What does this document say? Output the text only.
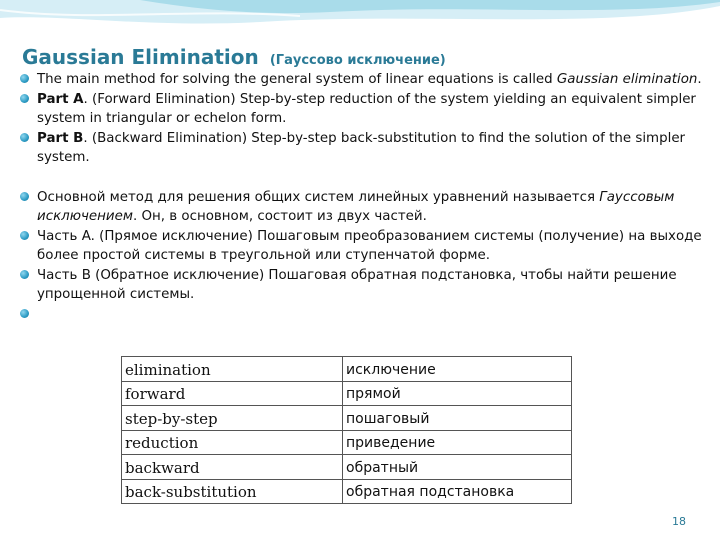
Gaussian Elimination (Гауссово исключение)
The main method for solving the general system of linear equations is called Gaussian elimination.
Part A. (Forward Elimination) Step-by-step reduction of the system yielding an equivalent simpler system in triangular or echelon form.
Part B. (Backward Elimination) Step-by-step back-substitution to find the solution of the simpler system.
Основной метод для решения общих систем линейных уравнений называется Гауссовым исключением. Он, в основном, состоит из двух частей.
Часть A. (Прямое исключение) Пошаговым преобразованием системы (получение) на выходе более простой системы в треугольной или ступенчатой форме.
Часть B (Обратное исключение) Пошаговая обратная подстановка, чтобы найти решение упрощенной системы.

elimination	исключение
forward	прямой
step-by-step	пошаговый
reduction	приведение
backward	обратный
back-substitution	обратная подстановка
18
